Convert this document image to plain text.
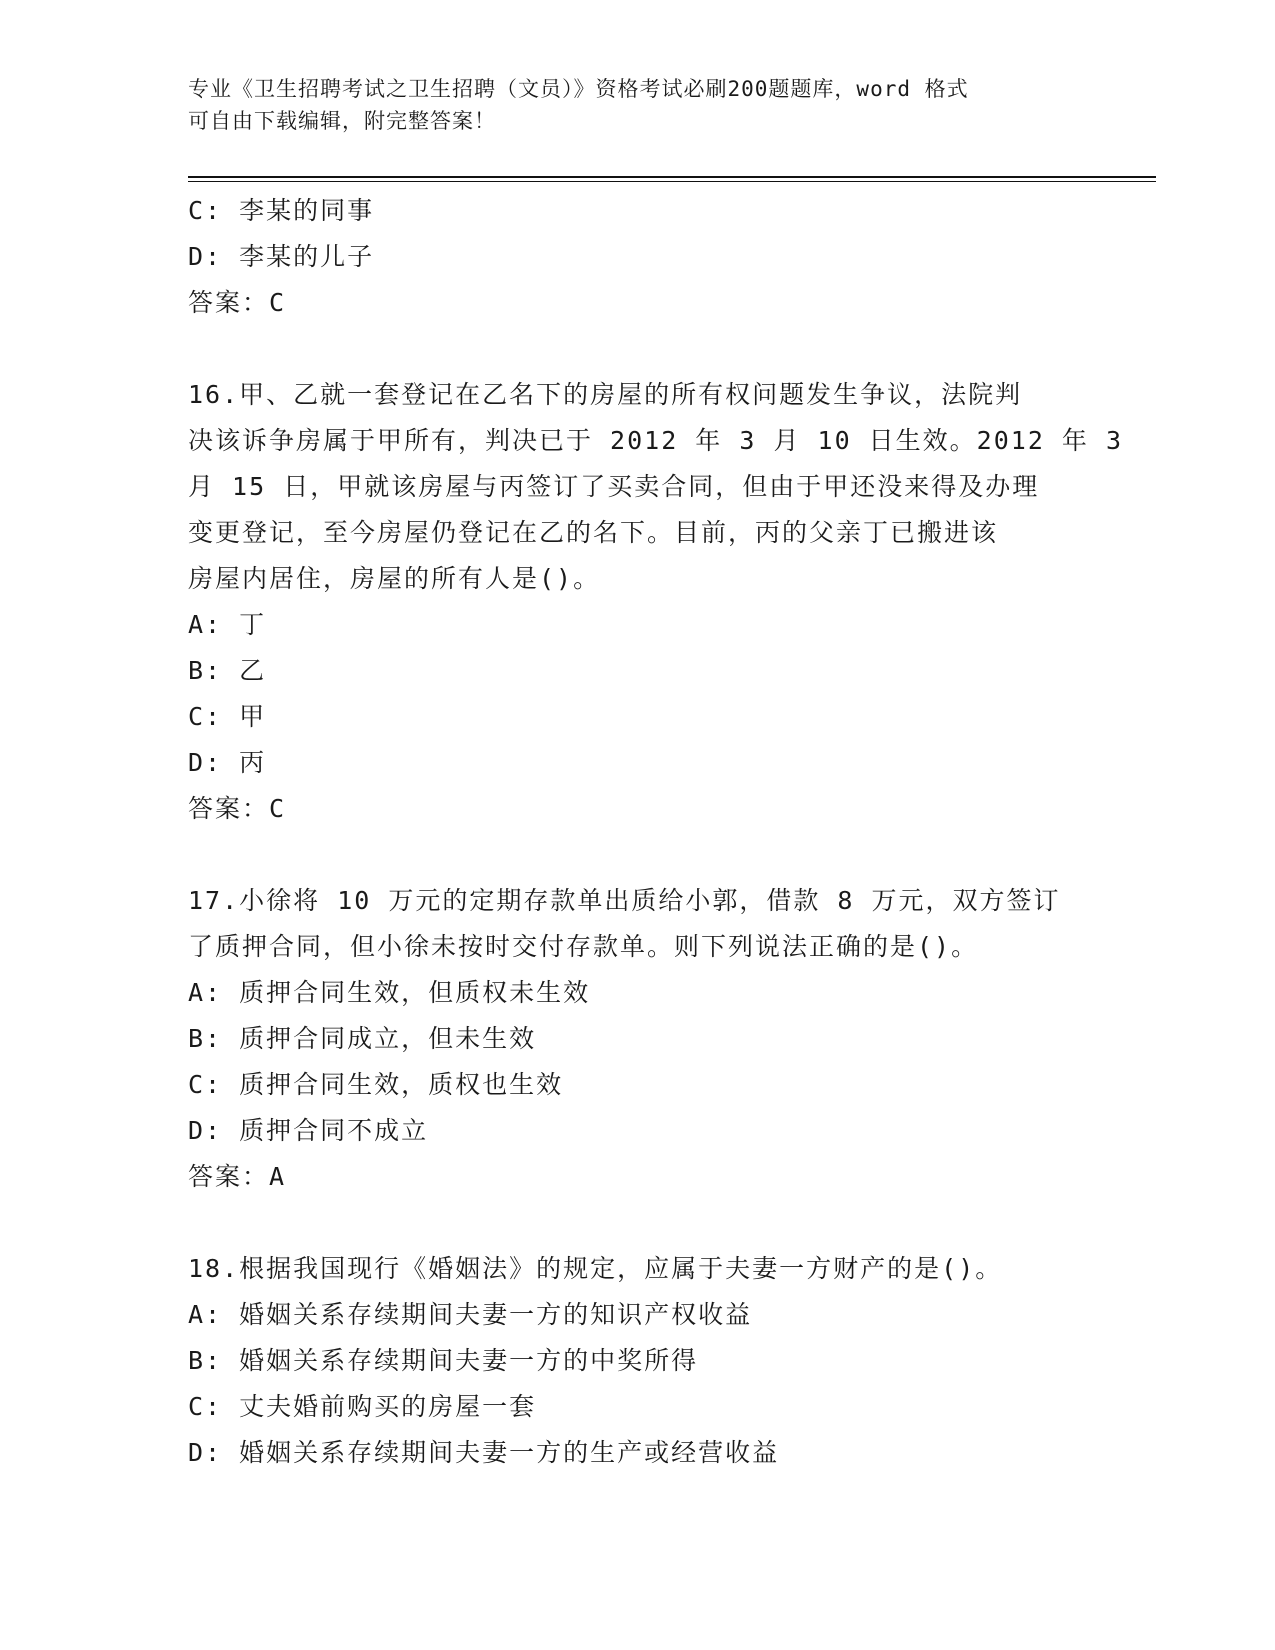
专业《卫生招聘考试之卫生招聘（文员）》资格考试必刷200题题库，word 格式
可自由下载编辑，附完整答案！
C: 李某的同事
D: 李某的儿子
答案：C
16.甲、乙就一套登记在乙名下的房屋的所有权问题发生争议，法院判
决该诉争房属于甲所有，判决已于 2012 年 3 月 10 日生效。2012 年 3
月 15 日，甲就该房屋与丙签订了买卖合同，但由于甲还没来得及办理
变更登记，至今房屋仍登记在乙的名下。目前，丙的父亲丁已搬进该
房屋内居住，房屋的所有人是()。
A: 丁
B: 乙
C: 甲
D: 丙
答案：C
17.小徐将 10 万元的定期存款单出质给小郭，借款 8 万元，双方签订
了质押合同，但小徐未按时交付存款单。则下列说法正确的是()。
A: 质押合同生效，但质权未生效
B: 质押合同成立，但未生效
C: 质押合同生效，质权也生效
D: 质押合同不成立
答案：A
18.根据我国现行《婚姻法》的规定，应属于夫妻一方财产的是()。
A: 婚姻关系存续期间夫妻一方的知识产权收益
B: 婚姻关系存续期间夫妻一方的中奖所得
C: 丈夫婚前购买的房屋一套
D: 婚姻关系存续期间夫妻一方的生产或经营收益
